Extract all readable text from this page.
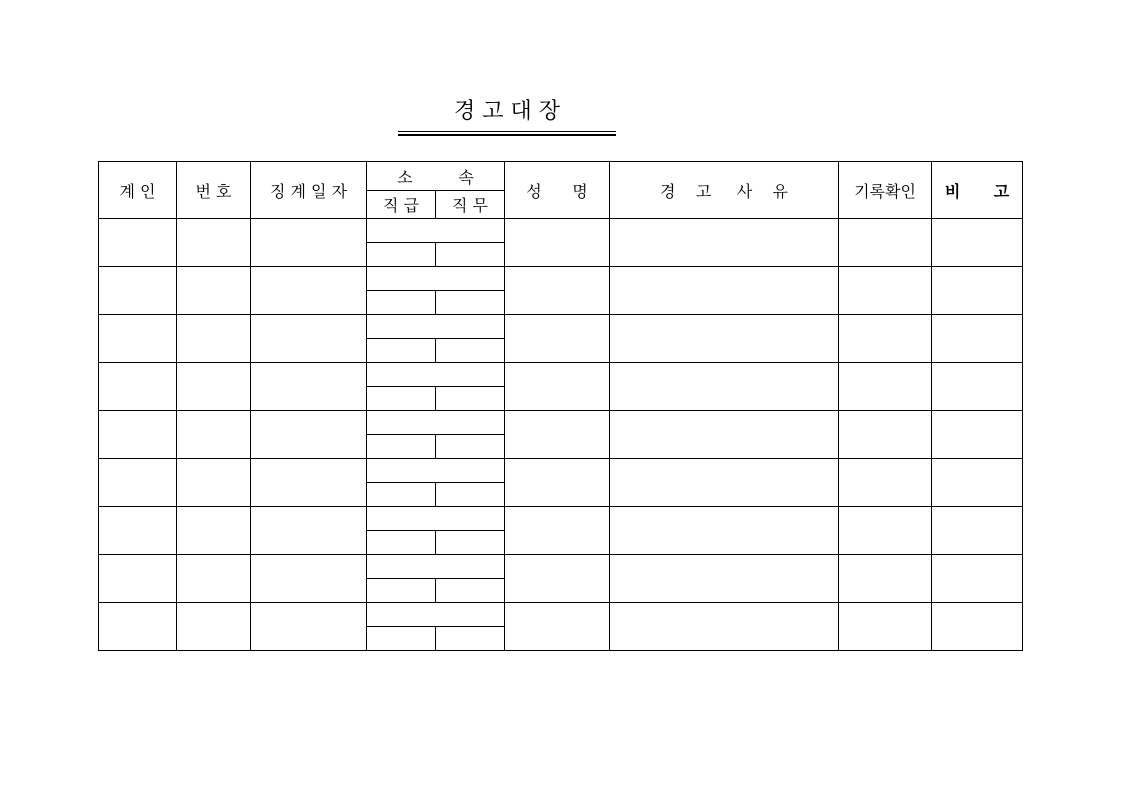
경 고 대 장
계 인	번 호	징 계 일 자	소         속		성      명	경    고     사    유	기록확인	비      고
			직 급	직 무				
